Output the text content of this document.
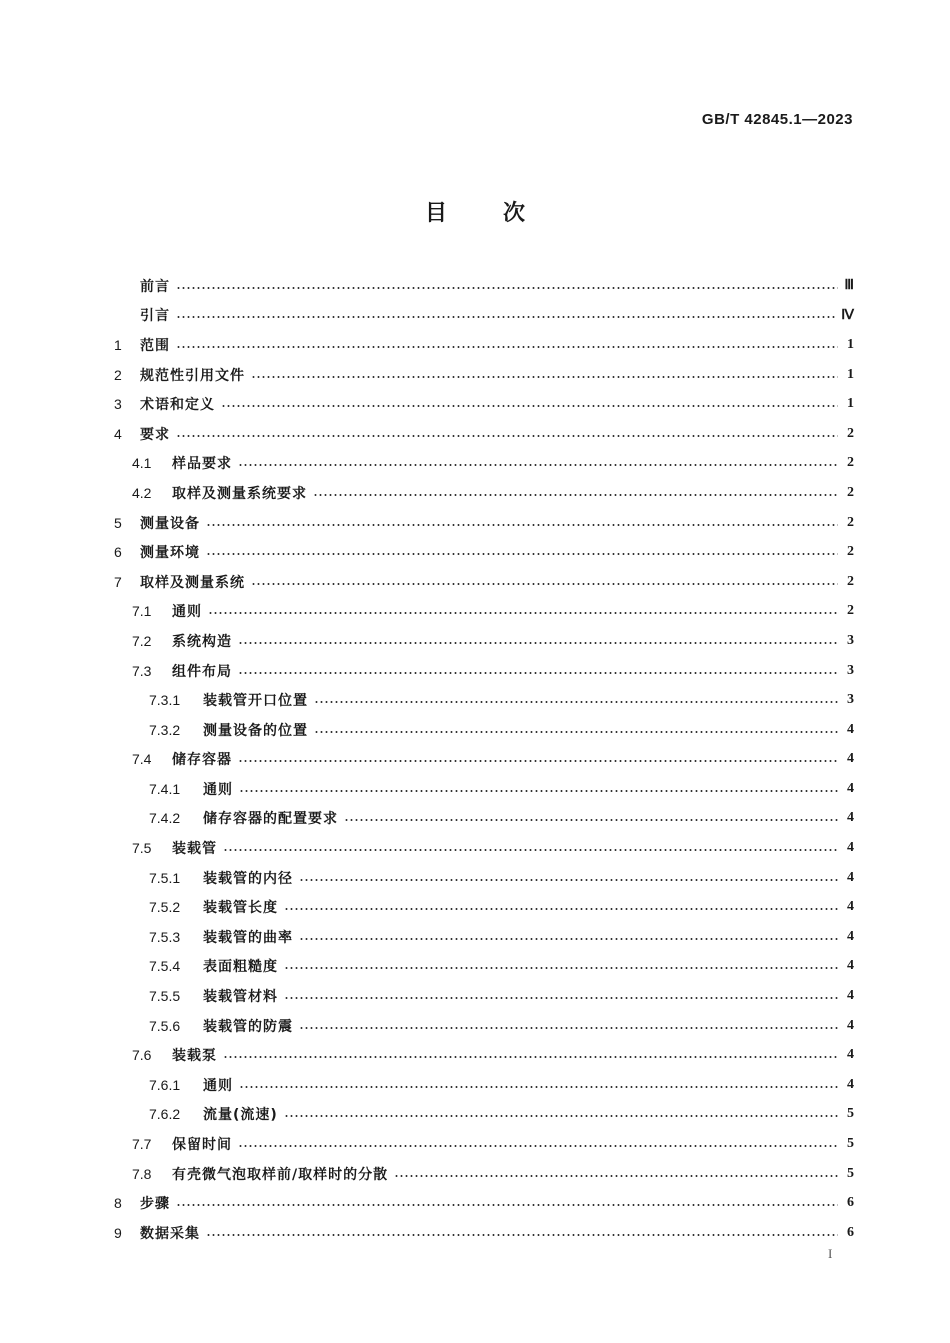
GB/T 42845.1—2023
目次
前言	Ⅲ
引言	Ⅳ
1	范围	1
2	规范性引用文件	1
3	术语和定义	1
4	要求	2
4.1	样品要求	2
4.2	取样及测量系统要求	2
5	测量设备	2
6	测量环境	2
7	取样及测量系统	2
7.1	通则	2
7.2	系统构造	3
7.3	组件布局	3
7.3.1	装载管开口位置	3
7.3.2	测量设备的位置	4
7.4	储存容器	4
7.4.1	通则	4
7.4.2	储存容器的配置要求	4
7.5	装载管	4
7.5.1	装载管的内径	4
7.5.2	装载管长度	4
7.5.3	装载管的曲率	4
7.5.4	表面粗糙度	4
7.5.5	装载管材料	4
7.5.6	装载管的防震	4
7.6	装载泵	4
7.6.1	通则	4
7.6.2	流量(流速)	5
7.7	保留时间	5
7.8	有壳微气泡取样前/取样时的分散	5
8	步骤	6
9	数据采集	6
I
